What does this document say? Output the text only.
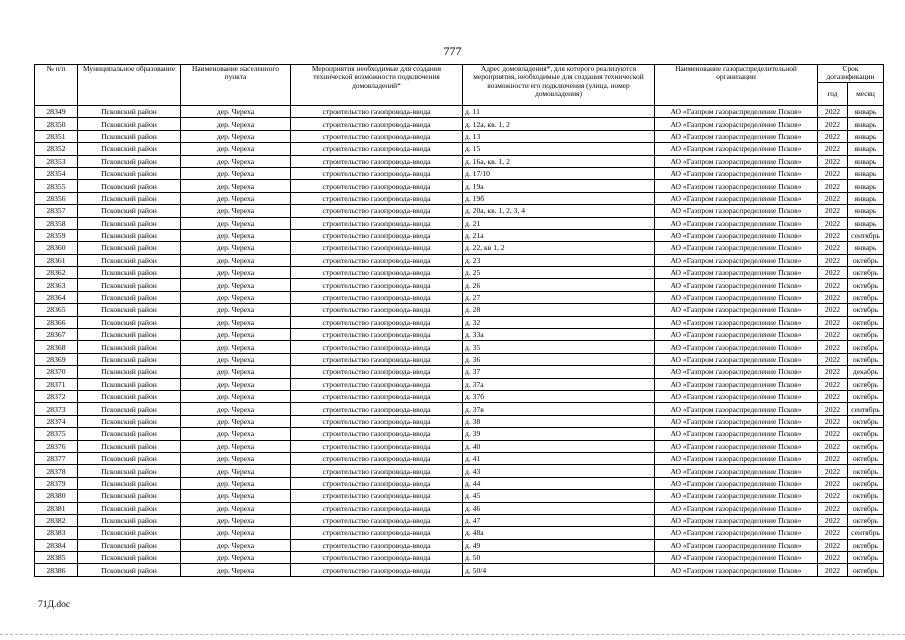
777
№ п/п	Муниципальное образование	Наименование населенного пункта	Мероприятия необходимые для создания технической возможности подключения домовладений*	Адрес домовладения*, для которого реализуются мероприятия, необходимые для создания технической возможности его подключения (улица, номер домовладения)	Наименование газораспределительной организации	Срок догазификации	
						год	месяц
28349	Псковский район	дер. Череха	строительство газопровода-ввода	д. 11	АО «Газпром газораспределение Псков»	2022	январь
28350	Псковский район	дер. Череха	строительство газопровода-ввода	д. 12а, кв. 1, 2	АО «Газпром газораспределение Псков»	2022	январь
28351	Псковский район	дер. Череха	строительство газопровода-ввода	д. 13	АО «Газпром газораспределение Псков»	2022	январь
28352	Псковский район	дер. Череха	строительство газопровода-ввода	д. 15	АО «Газпром газораспределение Псков»	2022	январь
28353	Псковский район	дер. Череха	строительство газопровода-ввода	д. 16а, кв. 1, 2	АО «Газпром газораспределение Псков»	2022	январь
28354	Псковский район	дер. Череха	строительство газопровода-ввода	д. 17/10	АО «Газпром газораспределение Псков»	2022	январь
28355	Псковский район	дер. Череха	строительство газопровода-ввода	д. 19а	АО «Газпром газораспределение Псков»	2022	январь
28356	Псковский район	дер. Череха	строительство газопровода-ввода	д. 19б	АО «Газпром газораспределение Псков»	2022	январь
28357	Псковский район	дер. Череха	строительство газопровода-ввода	д. 20а, кв. 1, 2, 3, 4	АО «Газпром газораспределение Псков»	2022	январь
28358	Псковский район	дер. Череха	строительство газопровода-ввода	д. 21	АО «Газпром газораспределение Псков»	2022	январь
28359	Псковский район	дер. Череха	строительство газопровода-ввода	д. 21а	АО «Газпром газораспределение Псков»	2022	сентябрь
28360	Псковский район	дер. Череха	строительство газопровода-ввода	д. 22, кв 1, 2	АО «Газпром газораспределение Псков»	2022	январь
28361	Псковский район	дер. Череха	строительство газопровода-ввода	д. 23	АО «Газпром газораспределение Псков»	2022	октябрь
28362	Псковский район	дер. Череха	строительство газопровода-ввода	д. 25	АО «Газпром газораспределение Псков»	2022	октябрь
28363	Псковский район	дер. Череха	строительство газопровода-ввода	д. 26	АО «Газпром газораспределение Псков»	2022	октябрь
28364	Псковский район	дер. Череха	строительство газопровода-ввода	д. 27	АО «Газпром газораспределение Псков»	2022	октябрь
28365	Псковский район	дер. Череха	строительство газопровода-ввода	д. 28	АО «Газпром газораспределение Псков»	2022	октябрь
28366	Псковский район	дер. Череха	строительство газопровода-ввода	д. 32	АО «Газпром газораспределение Псков»	2022	октябрь
28367	Псковский район	дер. Череха	строительство газопровода-ввода	д. 33а	АО «Газпром газораспределение Псков»	2022	октябрь
28368	Псковский район	дер. Череха	строительство газопровода-ввода	д. 35	АО «Газпром газораспределение Псков»	2022	октябрь
28369	Псковский район	дер. Череха	строительство газопровода-ввода	д. 36	АО «Газпром газораспределение Псков»	2022	октябрь
28370	Псковский район	дер. Череха	строительство газопровода-ввода	д. 37	АО «Газпром газораспределение Псков»	2022	декабрь
28371	Псковский район	дер. Череха	строительство газопровода-ввода	д. 37а	АО «Газпром газораспределение Псков»	2022	октябрь
28372	Псковский район	дер. Череха	строительство газопровода-ввода	д. 37б	АО «Газпром газораспределение Псков»	2022	октябрь
28373	Псковский район	дер. Череха	строительство газопровода-ввода	д. 37в	АО «Газпром газораспределение Псков»	2022	сентябрь
28374	Псковский район	дер. Череха	строительство газопровода-ввода	д. 38	АО «Газпром газораспределение Псков»	2022	октябрь
28375	Псковский район	дер. Череха	строительство газопровода-ввода	д. 39	АО «Газпром газораспределение Псков»	2022	октябрь
28376	Псковский район	дер. Череха	строительство газопровода-ввода	д. 40	АО «Газпром газораспределение Псков»	2022	октябрь
28377	Псковский район	дер. Череха	строительство газопровода-ввода	д. 41	АО «Газпром газораспределение Псков»	2022	октябрь
28378	Псковский район	дер. Череха	строительство газопровода-ввода	д. 43	АО «Газпром газораспределение Псков»	2022	октябрь
28379	Псковский район	дер. Череха	строительство газопровода-ввода	д. 44	АО «Газпром газораспределение Псков»	2022	октябрь
28380	Псковский район	дер. Череха	строительство газопровода-ввода	д. 45	АО «Газпром газораспределение Псков»	2022	октябрь
28381	Псковский район	дер. Череха	строительство газопровода-ввода	д. 46	АО «Газпром газораспределение Псков»	2022	октябрь
28382	Псковский район	дер. Череха	строительство газопровода-ввода	д. 47	АО «Газпром газораспределение Псков»	2022	октябрь
28383	Псковский район	дер. Череха	строительство газопровода-ввода	д. 48а	АО «Газпром газораспределение Псков»	2022	сентябрь
28384	Псковский район	дер. Череха	строительство газопровода-ввода	д. 49	АО «Газпром газораспределение Псков»	2022	октябрь
28385	Псковский район	дер. Череха	строительство газопровода-ввода	д. 50	АО «Газпром газораспределение Псков»	2022	октябрь
28386	Псковский район	дер. Череха	строительство газопровода-ввода	д. 50/4	АО «Газпром газораспределение Псков»	2022	октябрь
71Д.doc
